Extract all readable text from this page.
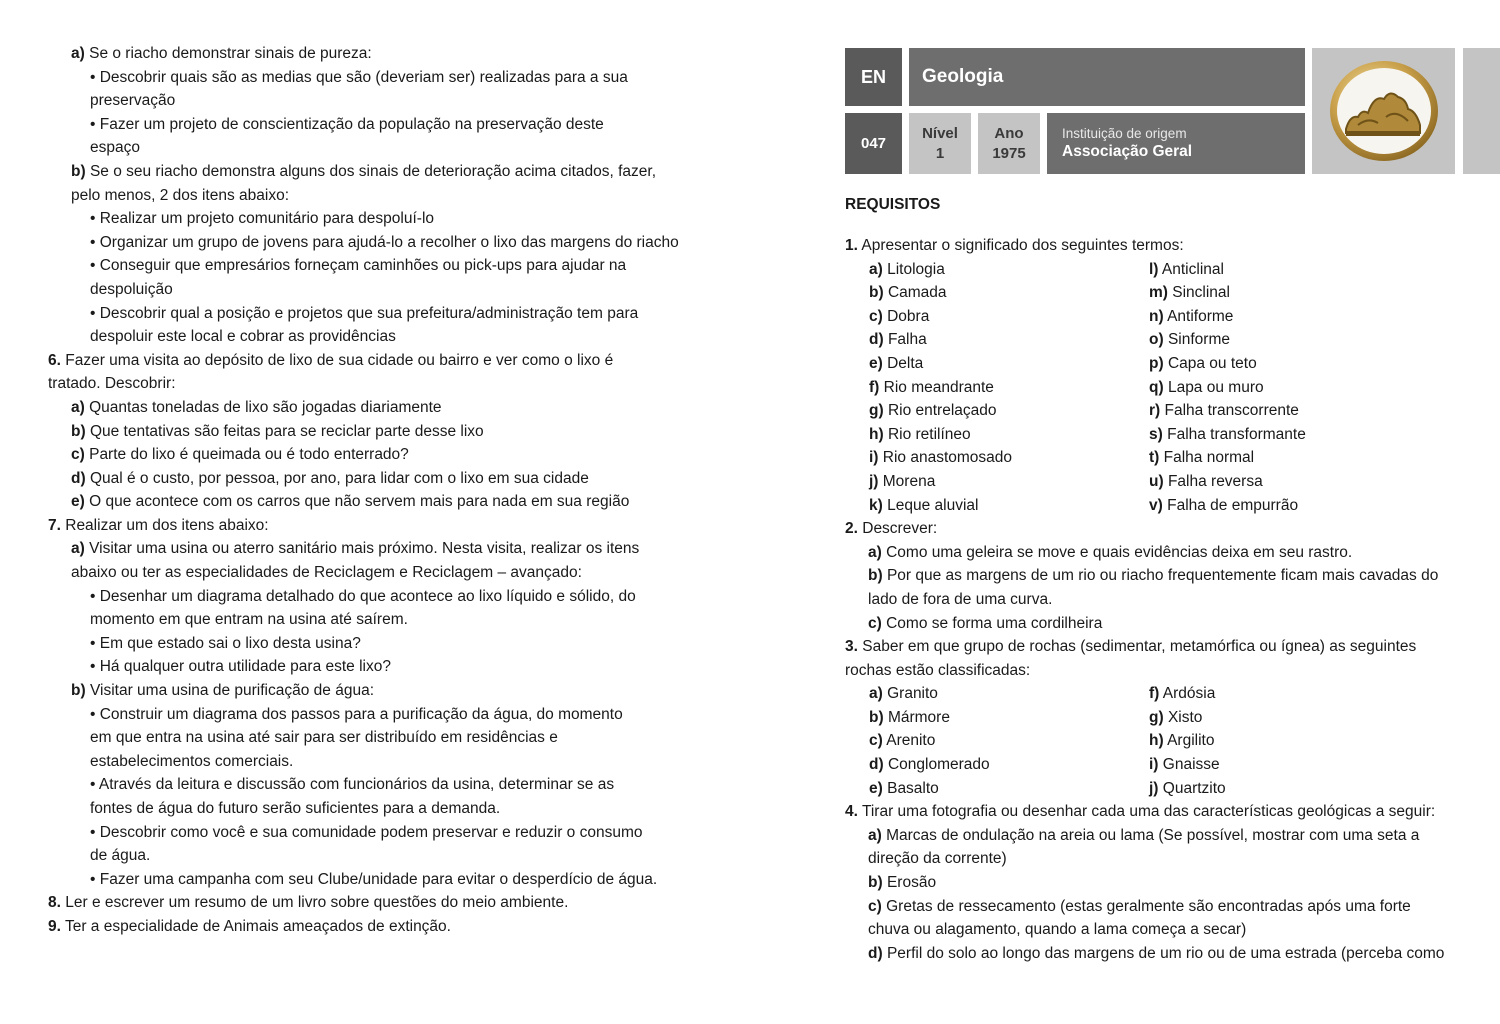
a) Se o riacho demonstrar sinais de pureza:
• Descobrir quais são as medias que são (deveriam ser) realizadas para a sua
preservação
• Fazer um projeto de conscientização da população na preservação deste
espaço
b) Se o seu riacho demonstra alguns dos sinais de deterioração acima citados, fazer,
pelo menos, 2 dos itens abaixo:
• Realizar um projeto comunitário para despoluí-lo
• Organizar um grupo de jovens para ajudá-lo a recolher o lixo das margens do riacho
• Conseguir que empresários forneçam caminhões ou pick-ups para ajudar na
despoluição
• Descobrir qual a posição e projetos que sua prefeitura/administração tem para
despoluir este local e cobrar as providências
6. Fazer uma visita ao depósito de lixo de sua cidade ou bairro e ver como o lixo é
tratado. Descobrir:
a) Quantas toneladas de lixo são jogadas diariamente
b) Que tentativas são feitas para se reciclar parte desse lixo
c) Parte do lixo é queimada ou é todo enterrado?
d) Qual é o custo, por pessoa, por ano, para lidar com o lixo em sua cidade
e) O que acontece com os carros que não servem mais para nada em sua região
7. Realizar um dos itens abaixo:
a) Visitar uma usina ou aterro sanitário mais próximo. Nesta visita, realizar os itens
abaixo ou ter as especialidades de Reciclagem e Reciclagem – avançado:
• Desenhar um diagrama detalhado do que acontece ao lixo líquido e sólido, do
momento em que entram na usina até saírem.
• Em que estado sai o lixo desta usina?
• Há qualquer outra utilidade para este lixo?
b) Visitar uma usina de purificação de água:
• Construir um diagrama dos passos para a purificação da água, do momento
em que entra na usina até sair para ser distribuído em residências e
estabelecimentos comerciais.
• Através da leitura e discussão com funcionários da usina, determinar se as
fontes de água do futuro serão suficientes para a demanda.
• Descobrir como você e sua comunidade podem preservar e reduzir o consumo
de água.
• Fazer uma campanha com seu Clube/unidade para evitar o desperdício de água.
8. Ler e escrever um resumo de um livro sobre questões do meio ambiente.
9. Ter a especialidade de Animais ameaçados de extinção.
EN	Geologia
047
Nível
1
Ano
1975
Instituição de origem
Associação Geral
REQUISITOS
1. Apresentar o significado dos seguintes termos:
a) Litologia
b) Camada
c) Dobra
d) Falha
e) Delta
f) Rio meandrante
g) Rio entrelaçado
h) Rio retilíneo
i) Rio anastomosado
j) Morena
k) Leque aluvial
l) Anticlinal
m) Sinclinal
n) Antiforme
o) Sinforme
p) Capa ou teto
q) Lapa ou muro
r) Falha transcorrente
s) Falha transformante
t) Falha normal
u) Falha reversa
v) Falha de empurrão
2. Descrever:
a) Como uma geleira se move e quais evidências deixa em seu rastro.
b) Por que as margens de um rio ou riacho frequentemente ficam mais cavadas do
lado de fora de uma curva.
c) Como se forma uma cordilheira
3. Saber em que grupo de rochas (sedimentar, metamórfica ou ígnea) as seguintes
rochas estão classificadas:
a) Granito
b) Mármore
c) Arenito
d) Conglomerado
e) Basalto
f) Ardósia
g) Xisto
h) Argilito
i) Gnaisse
j) Quartzito
4. Tirar uma fotografia ou desenhar cada uma das características geológicas a seguir:
a) Marcas de ondulação na areia ou lama (Se possível, mostrar com uma seta a
direção da corrente)
b) Erosão
c) Gretas de ressecamento (estas geralmente são encontradas após uma forte
chuva ou alagamento, quando a lama começa a secar)
d) Perfil do solo ao longo das margens de um rio ou de uma estrada (perceba como
